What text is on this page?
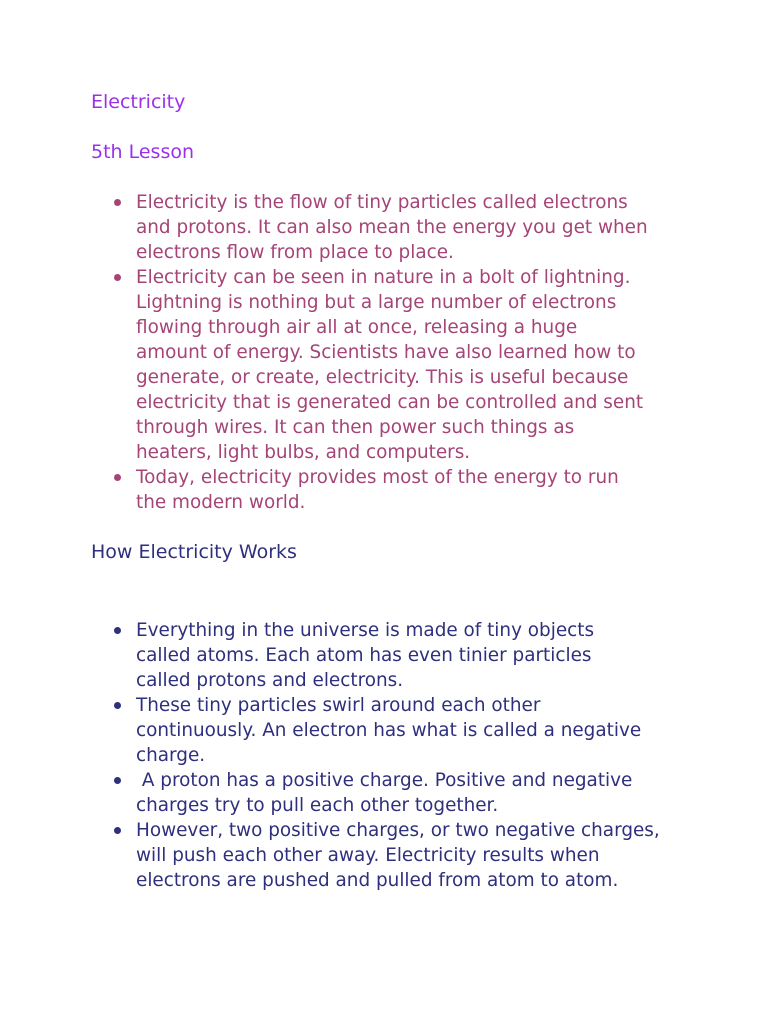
Electricity
5th Lesson
Electricity is the flow of tiny particles called electrons
and protons. It can also mean the energy you get when
electrons flow from place to place.
Electricity can be seen in nature in a bolt of lightning.
Lightning is nothing but a large number of electrons
flowing through air all at once, releasing a huge
amount of energy. Scientists have also learned how to
generate, or create, electricity. This is useful because
electricity that is generated can be controlled and sent
through wires. It can then power such things as
heaters, light bulbs, and computers.
Today, electricity provides most of the energy to run
the modern world.
How Electricity Works
Everything in the universe is made of tiny objects
called atoms. Each atom has even tinier particles
called protons and electrons.
These tiny particles swirl around each other
continuously. An electron has what is called a negative
charge.
A proton has a positive charge. Positive and negative
charges try to pull each other together.
However, two positive charges, or two negative charges,
will push each other away. Electricity results when
electrons are pushed and pulled from atom to atom.
